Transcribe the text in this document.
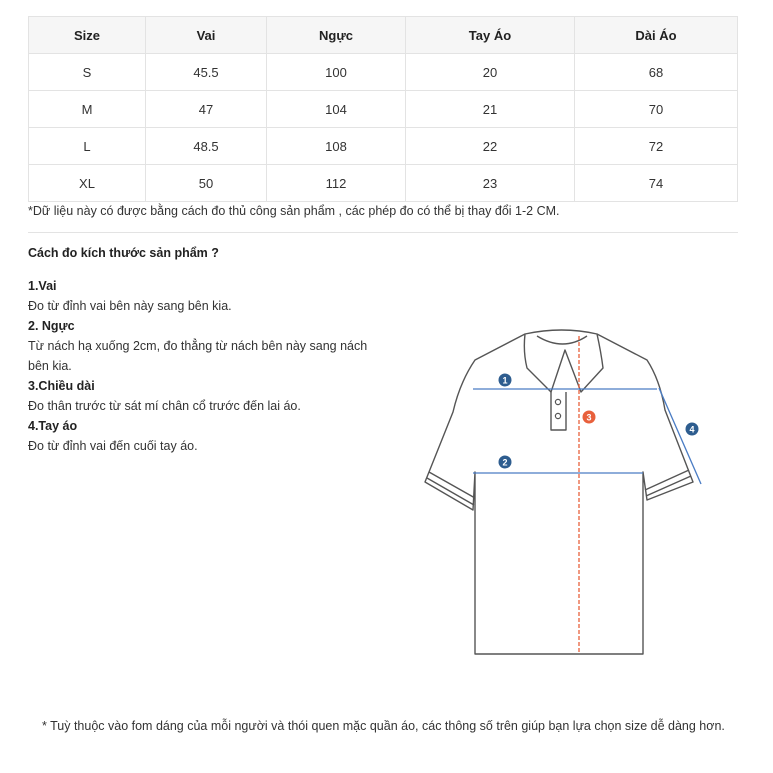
Size	Vai	Ngực	Tay Áo	Dài Áo
S	45.5	100	20	68
M	47	104	21	70
L	48.5	108	22	72
XL	50	112	23	74
*Dữ liệu này có được bằng cách đo thủ công sản phẩm , các phép đo có thể bị thay đổi 1-2 CM.
Cách đo kích thước sản phẩm ?
1.Vai
Đo từ đỉnh vai bên này sang bên kia.
2. Ngực
Từ nách hạ xuống 2cm, đo thẳng từ nách bên này sang nách bên kia.
3.Chiều dài
Đo thân trước từ sát mí chân cổ trước đến lai áo.
4.Tay áo
Đo từ đỉnh vai đến cuối tay áo.
1
2
3
4
* Tuỳ thuộc vào fom dáng của mỗi người và thói quen mặc quần áo, các thông số trên giúp bạn lựa chọn size dễ dàng hơn.
